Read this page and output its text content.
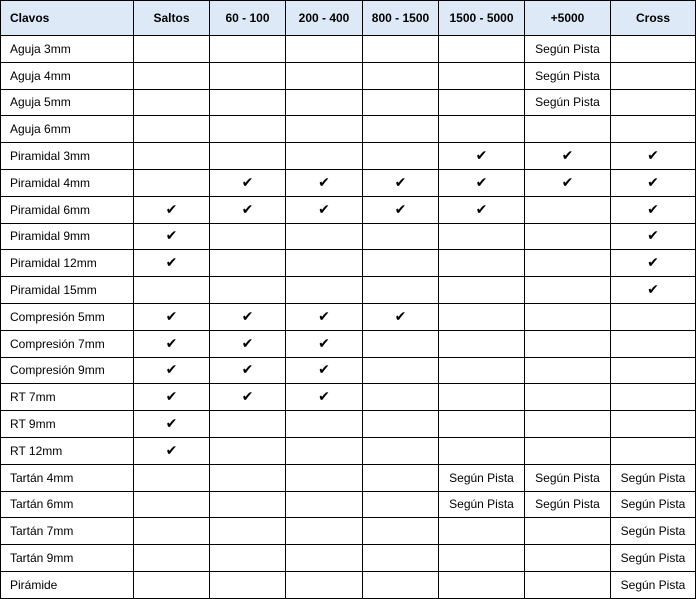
Clavos	Saltos	60 - 100	200 - 400	800 - 1500	1500 - 5000	+5000	Cross
Aguja 3mm						Según Pista	
Aguja 4mm						Según Pista	
Aguja 5mm						Según Pista	
Aguja 6mm							
Piramidal 3mm					✔	✔	✔
Piramidal 4mm		✔	✔	✔	✔	✔	✔
Piramidal 6mm	✔	✔	✔	✔	✔		✔
Piramidal 9mm	✔						✔
Piramidal 12mm	✔						✔
Piramidal 15mm							✔
Compresión 5mm	✔	✔	✔	✔			
Compresión 7mm	✔	✔	✔				
Compresión 9mm	✔	✔	✔				
RT 7mm	✔	✔	✔				
RT 9mm	✔						
RT 12mm	✔						
Tartán 4mm					Según Pista	Según Pista	Según Pista
Tartán 6mm					Según Pista	Según Pista	Según Pista
Tartán 7mm							Según Pista
Tartán 9mm							Según Pista
Pirámide							Según Pista
